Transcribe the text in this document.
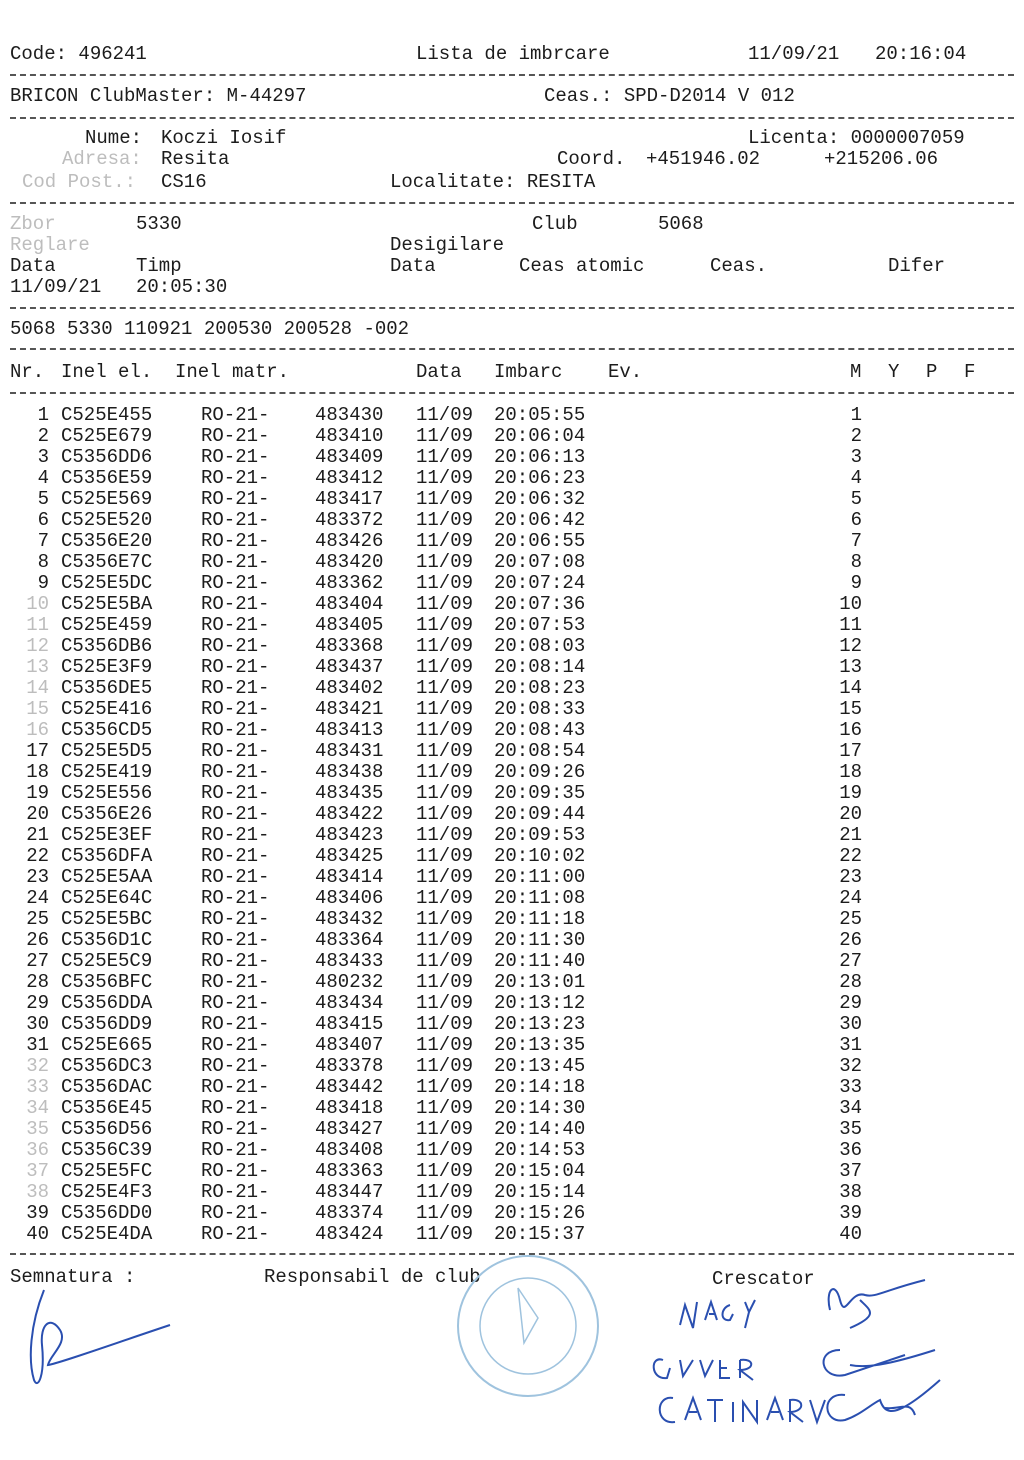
Code: 496241	Lista de imbrcare	11/09/21 20:16:04
BRICON ClubMaster: M-44297	Ceas.: SPD-D2014 V 012
Nume: Koczi Iosif	Licenta: 0000007059
Adresa: Resita	Coord. +451946.02	+215206.06
Cod Post.: CS16	Localitate: RESITA
Zbor	5330	Club	5068
Reglare	Desigilare
Data	Timp	Data	Ceas atomic	Ceas.	Difer
11/09/21 20:05:30
5068 5330 110921 200530 200528 -002
Nr. Inel el. Inel matr.	Data Imbarc Ev.	M Y P F
1 C525E455	RO-21- 483430 11/09 20:05:55	1
2 C525E679	RO-21- 483410 11/09 20:06:04	2
3 C5356DD6	RO-21- 483409 11/09 20:06:13	3
4 C5356E59	RO-21- 483412 11/09 20:06:23	4
5 C525E569	RO-21- 483417 11/09 20:06:32	5
6 C525E520	RO-21- 483372 11/09 20:06:42	6
7 C5356E20	RO-21- 483426 11/09 20:06:55	7
8 C5356E7C	RO-21- 483420 11/09 20:07:08	8
9 C525E5DC	RO-21- 483362 11/09 20:07:24	9
10 C525E5BA	RO-21- 483404 11/09 20:07:36	10
11 C525E459	RO-21- 483405 11/09 20:07:53	11
12 C5356DB6	RO-21- 483368 11/09 20:08:03	12
13 C525E3F9	RO-21- 483437 11/09 20:08:14	13
14 C5356DE5	RO-21- 483402 11/09 20:08:23	14
15 C525E416	RO-21- 483421 11/09 20:08:33	15
16 C5356CD5	RO-21- 483413 11/09 20:08:43	16
17 C525E5D5	RO-21- 483431 11/09 20:08:54	17
18 C525E419	RO-21- 483438 11/09 20:09:26	18
19 C525E556	RO-21- 483435 11/09 20:09:35	19
20 C5356E26	RO-21- 483422 11/09 20:09:44	20
21 C525E3EF	RO-21- 483423 11/09 20:09:53	21
22 C5356DFA	RO-21- 483425 11/09 20:10:02	22
23 C525E5AA	RO-21- 483414 11/09 20:11:00	23
24 C525E64C	RO-21- 483406 11/09 20:11:08	24
25 C525E5BC	RO-21- 483432 11/09 20:11:18	25
26 C5356D1C	RO-21- 483364 11/09 20:11:30	26
27 C525E5C9	RO-21- 483433 11/09 20:11:40	27
28 C5356BFC	RO-21- 480232 11/09 20:13:01	28
29 C5356DDA	RO-21- 483434 11/09 20:13:12	29
30 C5356DD9	RO-21- 483415 11/09 20:13:23	30
31 C525E665	RO-21- 483407 11/09 20:13:35	31
32 C5356DC3	RO-21- 483378 11/09 20:13:45	32
33 C5356DAC	RO-21- 483442 11/09 20:14:18	33
34 C5356E45	RO-21- 483418 11/09 20:14:30	34
35 C5356D56	RO-21- 483427 11/09 20:14:40	35
36 C5356C39	RO-21- 483408 11/09 20:14:53	36
37 C525E5FC	RO-21- 483363 11/09 20:15:04	37
38 C525E4F3	RO-21- 483447 11/09 20:15:14	38
39 C5356DD0	RO-21- 483374 11/09 20:15:26	39
40 C525E4DA	RO-21- 483424 11/09 20:15:37	40
Semnatura :	Responsabil de club	Crescator
